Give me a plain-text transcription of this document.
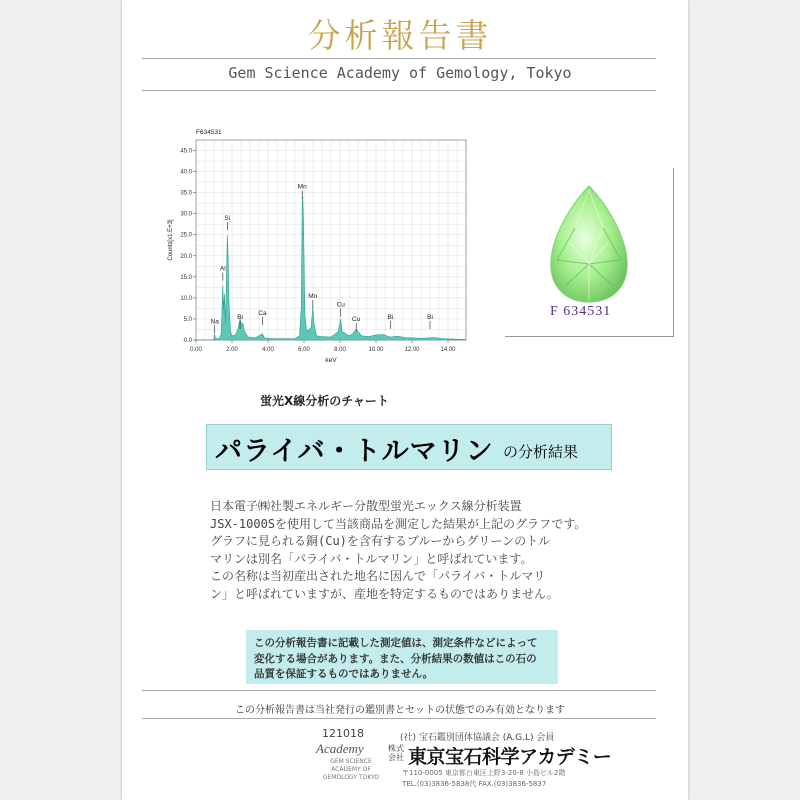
分析報告書
Gem Science Academy of Gemology, Tokyo
0.00	2.00	4.00	6.00	8.00	10.00	12.00	14.00
0.0
5.0
10.0
15.0
20.0
25.0
30.0
35.0
40.0
45.0
Na
Al
Si
Bi
Ca
Mn
Mn
Cu
Cu	Bi	Bi
F634531
keV
Counts[x1.E+3]
F 634531
蛍光X線分析のチャート
パライバ・トルマリン の分析結果
日本電子㈱社製エネルギー分散型蛍光エックス線分析装置
JSX-1000Sを使用して当該商品を測定した結果が上記のグラフです。
グラフに見られる銅(Cu)を含有するブルーからグリーンのトル
マリンは別名「パライバ・トルマリン」と呼ばれています。
この名称は当初産出された地名に因んで「パライバ・トルマリ
ン」と呼ばれていますが、産地を特定するものではありません。
この分析報告書に記載した測定値は、測定条件などによって
変化する場合があります。また、分析結果の数値はこの石の
品質を保証するものではありません。
この分析報告書は当社発行の鑑別書とセットの状態でのみ有効となります
121018
Academy
GEM SCIENCE
ACADEMY OF
GEMOLOGY TOKYO
(社) 宝石鑑別団体協議会 (A.G.L) 会員
株式会社 東京宝石科学アカデミー
〒110-0005 東京都台東区上野3-20-8 小島ビル2階
TEL.(03)3836-5838代 FAX.(03)3836-5837
